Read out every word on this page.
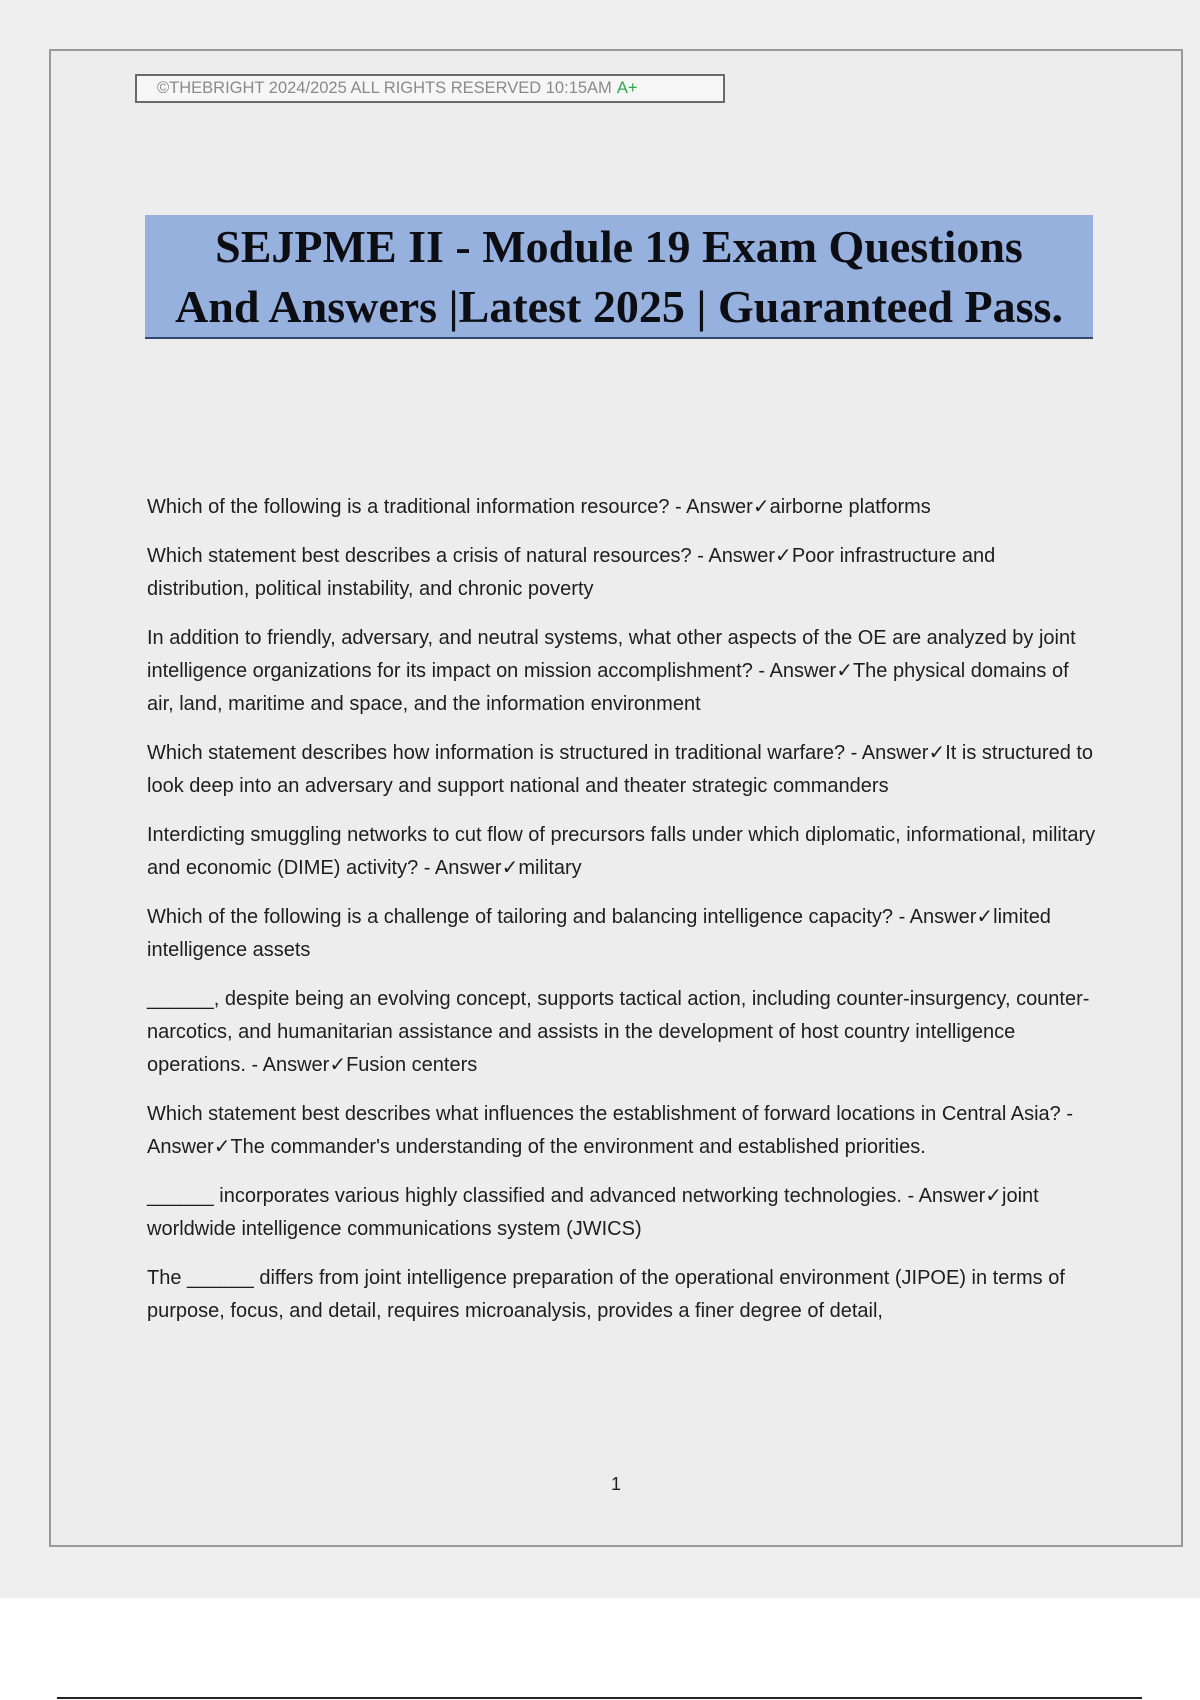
©THEBRIGHT 2024/2025 ALL RIGHTS RESERVED 10:15AM A+
SEJPME II - Module 19 Exam Questions
And Answers |Latest 2025 | Guaranteed Pass.

Which of the following is a traditional information resource? - Answer✓airborne platforms

Which statement best describes a crisis of natural resources? - Answer✓Poor infrastructure and distribution, political instability, and chronic poverty

In addition to friendly, adversary, and neutral systems, what other aspects of the OE are analyzed by joint intelligence organizations for its impact on mission accomplishment? - Answer✓The physical domains of air, land, maritime and space, and the information environment

Which statement describes how information is structured in traditional warfare? - Answer✓It is structured to look deep into an adversary and support national and theater strategic commanders

Interdicting smuggling networks to cut flow of precursors falls under which diplomatic, informational, military and economic (DIME) activity? - Answer✓military

Which of the following is a challenge of tailoring and balancing intelligence capacity? - Answer✓limited intelligence assets

______, despite being an evolving concept, supports tactical action, including counter-insurgency, counter-narcotics, and humanitarian assistance and assists in the development of host country intelligence operations. - Answer✓Fusion centers

Which statement best describes what influences the establishment of forward locations in Central Asia? - Answer✓The commander's understanding of the environment and established priorities.

______ incorporates various highly classified and advanced networking technologies. - Answer✓joint worldwide intelligence communications system (JWICS)

The ______ differs from joint intelligence preparation of the operational environment (JIPOE) in terms of purpose, focus, and detail, requires microanalysis, provides a finer degree of detail,

1
